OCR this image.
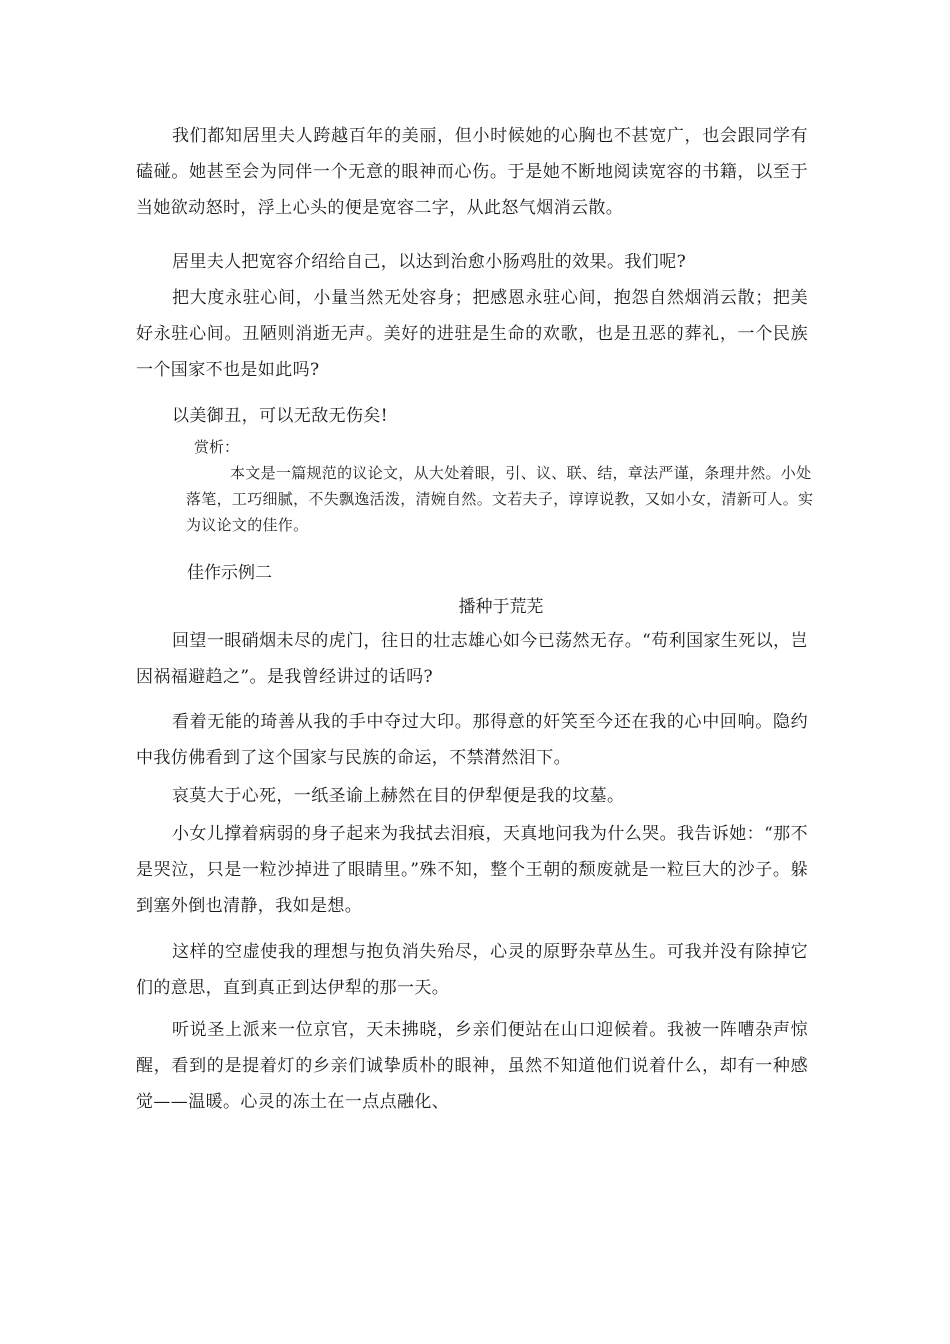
我们都知居里夫人跨越百年的美丽，但小时候她的心胸也不甚宽广，也会跟同学有磕碰。她甚至会为同伴一个无意的眼神而心伤。于是她不断地阅读宽容的书籍，以至于当她欲动怒时，浮上心头的便是宽容二字，从此怒气烟消云散。

居里夫人把宽容介绍给自己，以达到治愈小肠鸡肚的效果。我们呢?

把大度永驻心间，小量当然无处容身；把感恩永驻心间，抱怨自然烟消云散；把美好永驻心间。丑陋则消逝无声。美好的进驻是生命的欢歌，也是丑恶的葬礼，一个民族一个国家不也是如此吗?

以美御丑，可以无敌无伤矣!

赏析：
本文是一篇规范的议论文，从大处着眼，引、议、联、结，章法严谨，条理井然。小处落笔，工巧细腻，不失飘逸活泼，清婉自然。文若夫子，谆谆说教，又如小女，清新可人。实为议论文的佳作。
佳作示例二
播种于荒芜

回望一眼硝烟未尽的虎门，往日的壮志雄心如今已荡然无存。“苟利国家生死以，岂因祸福避趋之”。是我曾经讲过的话吗?

看着无能的琦善从我的手中夺过大印。那得意的奸笑至今还在我的心中回响。隐约中我仿佛看到了这个国家与民族的命运，不禁潸然泪下。

哀莫大于心死，一纸圣谕上赫然在目的伊犁便是我的坟墓。

小女儿撑着病弱的身子起来为我拭去泪痕，天真地问我为什么哭。我告诉她：“那不是哭泣，只是一粒沙掉进了眼睛里。”殊不知，整个王朝的颓废就是一粒巨大的沙子。躲到塞外倒也清静，我如是想。

这样的空虚使我的理想与抱负消失殆尽，心灵的原野杂草丛生。可我并没有除掉它们的意思，直到真正到达伊犁的那一天。

听说圣上派来一位京官，天未拂晓，乡亲们便站在山口迎候着。我被一阵嘈杂声惊醒，看到的是提着灯的乡亲们诚挚质朴的眼神，虽然不知道他们说着什么，却有一种感觉——温暖。心灵的冻土在一点点融化、
